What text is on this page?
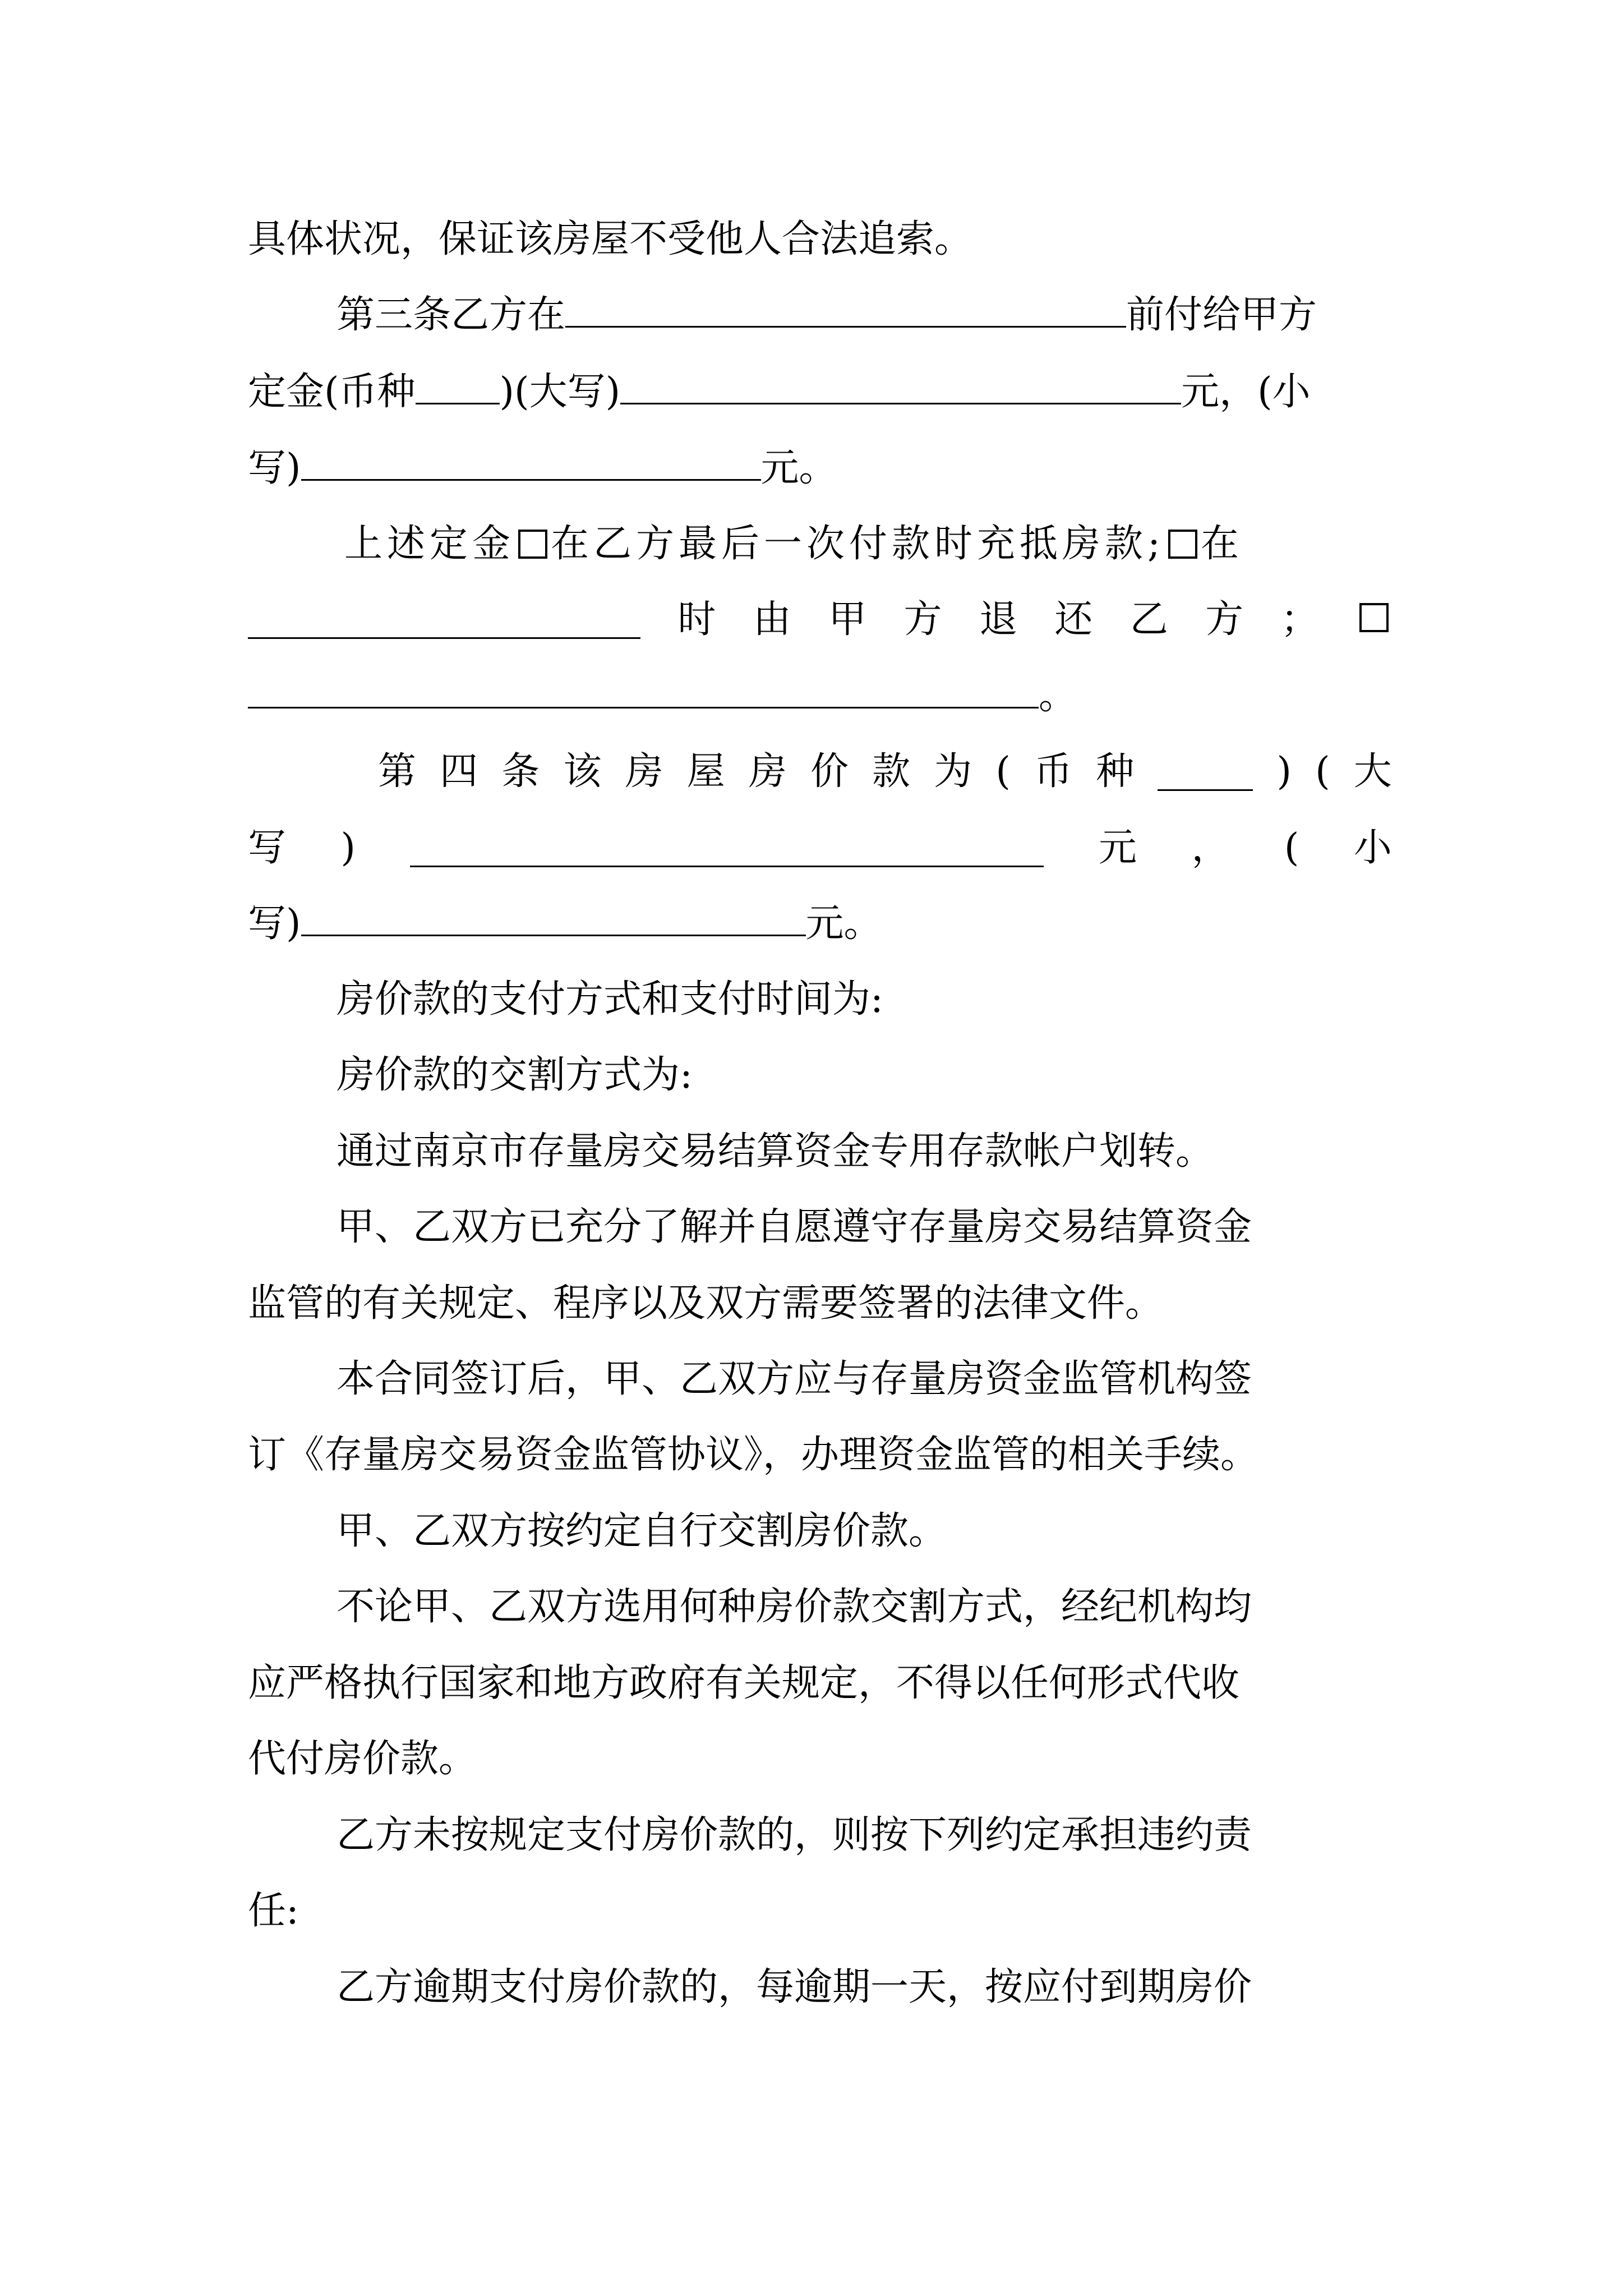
具体状况，保证该房屋不受他人合法追索。
第三条乙方在	前付给甲方
定金(币种 )(大写)	元，(小
写)	元。
上述定金 在乙方最后一次付款时充抵房款; 在
时 由 甲 方 退 还 乙 方 ；
。
第 四 条 该 房 屋 房 价 款 为 ( 币 种	) ( 大
写 )	元 ， ( 小
写)	元。
房价款的支付方式和支付时间为:
房价款的交割方式为:
通过南京市存量房交易结算资金专用存款帐户划转。
甲、乙双方已充分了解并自愿遵守存量房交易结算资金
监管的有关规定、程序以及双方需要签署的法律文件。
本合同签订后，甲、乙双方应与存量房资金监管机构签
订《存量房交易资金监管协议》，办理资金监管的相关手续。
甲、乙双方按约定自行交割房价款。
不论甲、乙双方选用何种房价款交割方式，经纪机构均
应严格执行国家和地方政府有关规定，不得以任何形式代收
代付房价款。
乙方未按规定支付房价款的，则按下列约定承担违约责
任:
乙方逾期支付房价款的，每逾期一天，按应付到期房价
